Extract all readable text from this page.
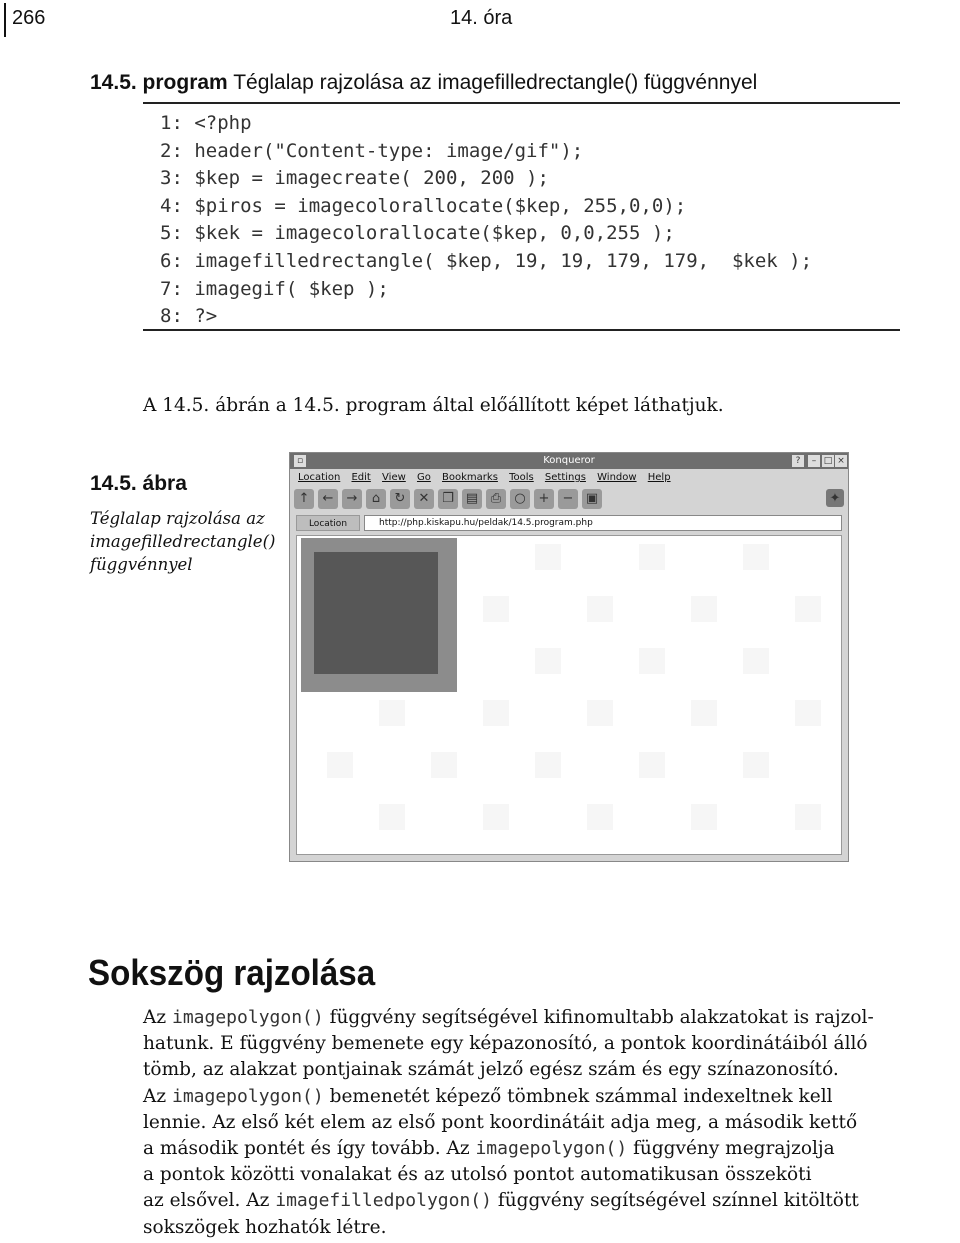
266	14. óra
14.5. program Téglalap rajzolása az imagefilledrectangle() függvénnyel
1: <?php
2: header("Content-type: image/gif");
3: $kep = imagecreate( 200, 200 );
4: $piros = imagecolorallocate($kep, 255,0,0);
5: $kek = imagecolorallocate($kep, 0,0,255 );
6: imagefilledrectangle( $kep, 19, 19, 179, 179,  $kek );
7: imagegif( $kep );
8: ?>
A 14.5. ábrán a 14.5. program által előállított képet láthatjuk.
14.5. ábra
Téglalap rajzolása az imagefilledrectangle() függvénnyel
Konqueror
▫	?	– □ ×
Location Edit View Go Bookmarks Tools Settings Window Help
↑	←	→	⌂	↻	✕ ❐ ▤ ⎙	○ +	− ▣	✦
Location	http://php.kiskapu.hu/peldak/14.5.program.php
Sokszög rajzolása
Az imagepolygon() függvény segítségével kifinomultabb alakzatokat is rajzol-
hatunk. E függvény bemenete egy képazonosító, a pontok koordinátáiból álló
tömb, az alakzat pontjainak számát jelző egész szám és egy színazonosító.
Az imagepolygon() bemenetét képező tömbnek számmal indexeltnek kell
lennie. Az első két elem az első pont koordinátáit adja meg, a második kettő
a második pontét és így tovább. Az imagepolygon() függvény megrajzolja
a pontok közötti vonalakat és az utolsó pontot automatikusan összeköti
az elsővel. Az imagefilledpolygon() függvény segítségével színnel kitöltött
sokszögek hozhatók létre.
